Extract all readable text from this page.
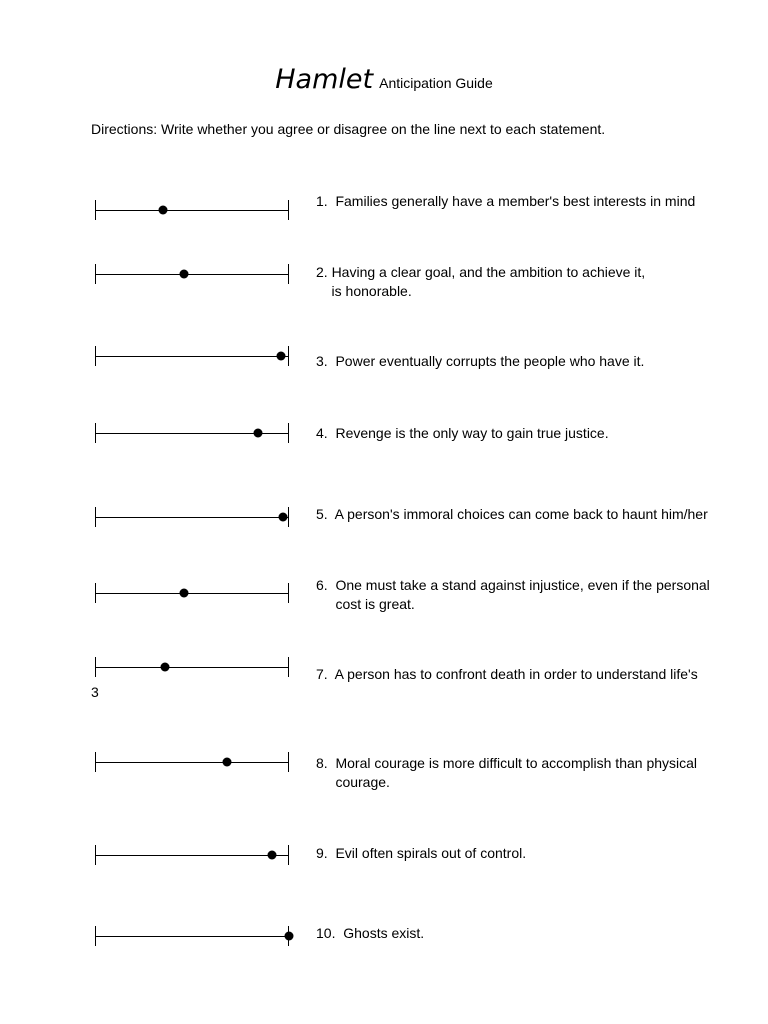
Hamlet Anticipation Guide
Directions: Write whether you agree or disagree on the line next to each statement.
1.  Families generally have a member's best interests in mind
2. Having a clear goal, and the ambition to achieve it,
is honorable.
3.  Power eventually corrupts the people who have it.
4.  Revenge is the only way to gain true justice.
5.  A person's immoral choices can come back to haunt him/her
6.  One must take a stand against injustice, even if the personal
cost is great.
7.  A person has to confront death in order to understand life's
8.  Moral courage is more difficult to accomplish than physical
courage.
9.  Evil often spirals out of control.
10.  Ghosts exist.
3
